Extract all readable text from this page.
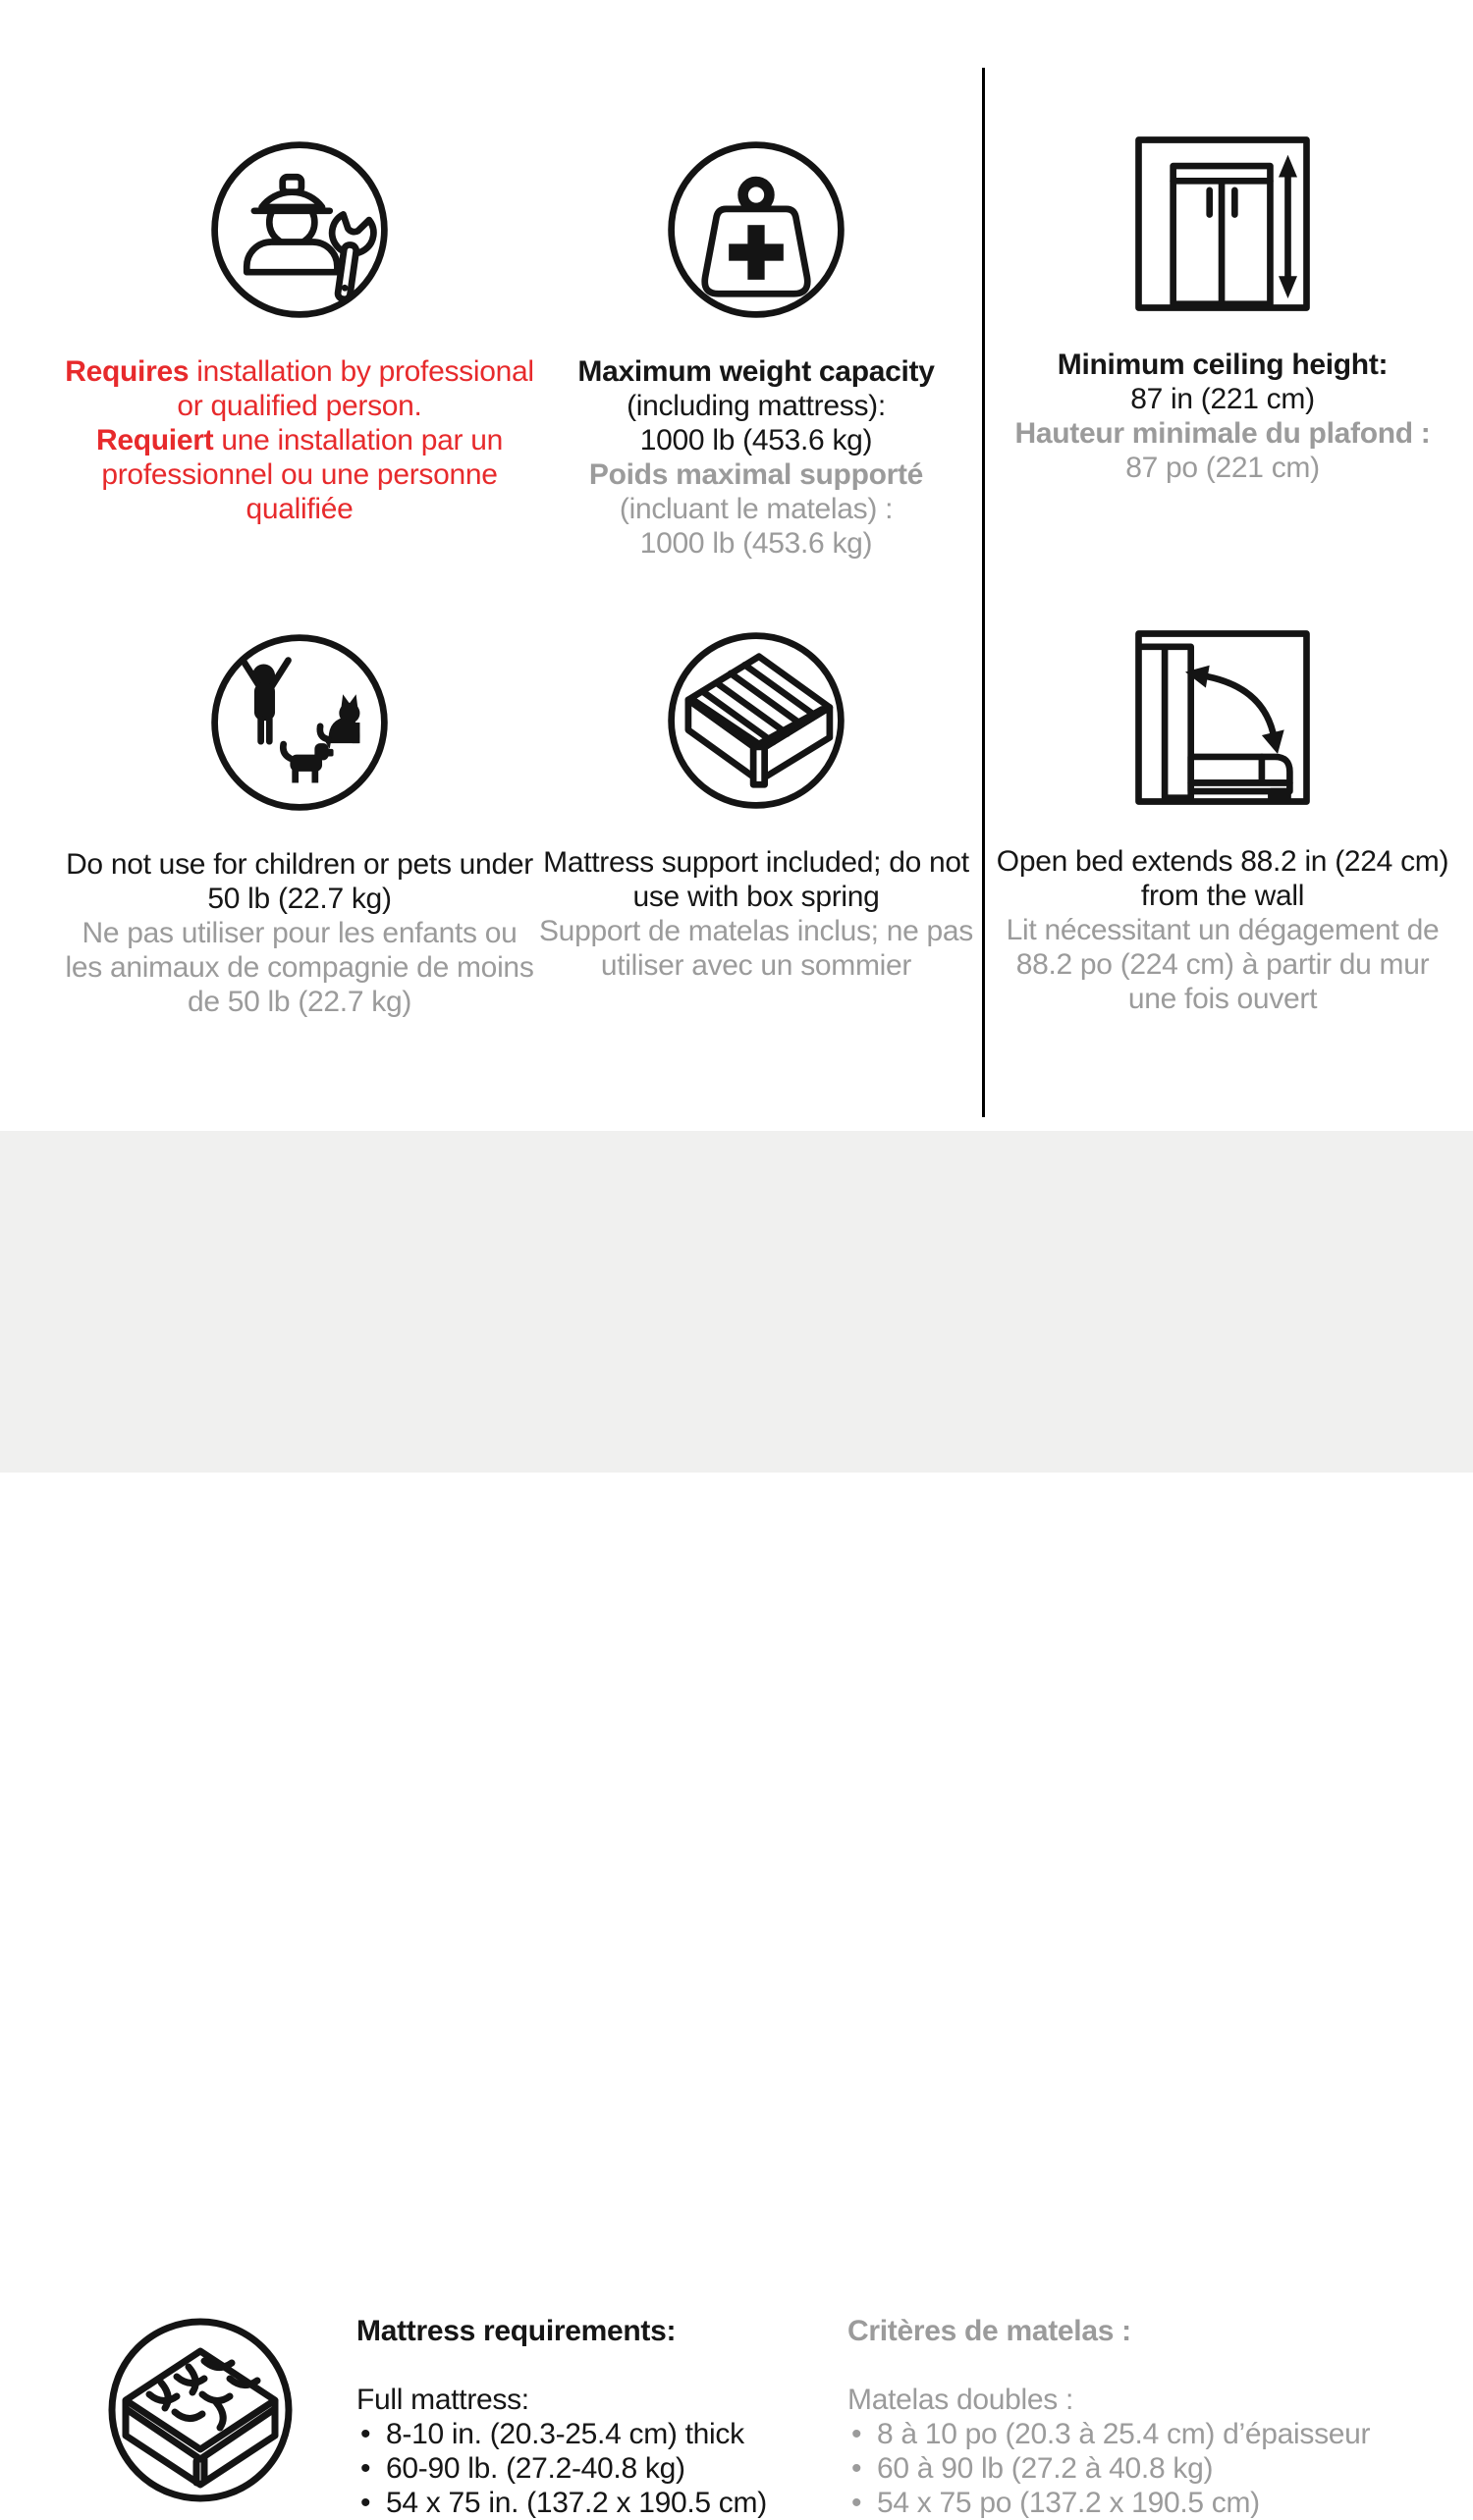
Requires installation by professional or qualified person.

Requiert une installation par un professionnel ou une personne qualifiée

Maximum weight capacity
(including mattress):
1000 lb (453.6 kg)
Poids maximal supporté
(incluant le matelas) :
1000 lb (453.6 kg)
Minimum ceiling height:
87 in (221 cm)
Hauteur minimale du plafond :
87 po (221 cm)

Do not use for children or pets under 50 lb (22.7 kg)

Ne pas utiliser pour les enfants ou les animaux de compagnie de moins de 50 lb (22.7 kg)

Mattress support included; do not use with box spring

Support de matelas inclus; ne pas utiliser avec un sommier

Open bed extends 88.2 in (224 cm) from the wall

Lit nécessitant un dégagement de 88.2 po (224 cm) à partir du mur une fois ouvert

Mattress requirements:
Full mattress:
• 8-10 in. (20.3-25.4 cm) thick
• 60-90 lb. (27.2-40.8 kg)
• 54 x 75 in. (137.2 x 190.5 cm)
Critères de matelas :
Matelas doubles :
• 8 à 10 po (20.3 à 25.4 cm) d’épaisseur
• 60 à 90 lb (27.2 à 40.8 kg)
• 54 x 75 po (137.2 x 190.5 cm)
